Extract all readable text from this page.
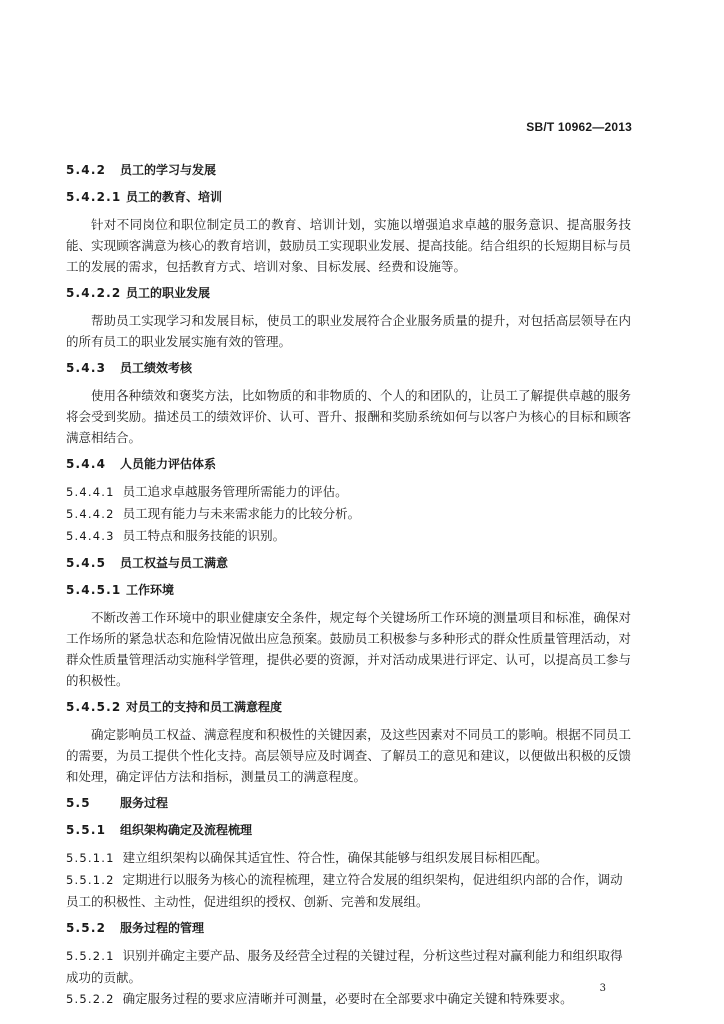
SB/T 10962—2013

5.4.2 员工的学习与发展

5.4.2.1 员工的教育、培训

针对不同岗位和职位制定员工的教育、培训计划，实施以增强追求卓越的服务意识、提高服务技能、实现顾客满意为核心的教育培训，鼓励员工实现职业发展、提高技能。结合组织的长短期目标与员工的发展的需求，包括教育方式、培训对象、目标发展、经费和设施等。

5.4.2.2 员工的职业发展

帮助员工实现学习和发展目标，使员工的职业发展符合企业服务质量的提升，对包括高层领导在内的所有员工的职业发展实施有效的管理。

5.4.3 员工绩效考核

使用各种绩效和褒奖方法，比如物质的和非物质的、个人的和团队的，让员工了解提供卓越的服务将会受到奖励。描述员工的绩效评价、认可、晋升、报酬和奖励系统如何与以客户为核心的目标和顾客满意相结合。

5.4.4 人员能力评估体系

5.4.4.1 员工追求卓越服务管理所需能力的评估。

5.4.4.2 员工现有能力与未来需求能力的比较分析。

5.4.4.3 员工特点和服务技能的识别。

5.4.5 员工权益与员工满意

5.4.5.1 工作环境

不断改善工作环境中的职业健康安全条件，规定每个关键场所工作环境的测量项目和标准，确保对工作场所的紧急状态和危险情况做出应急预案。鼓励员工积极参与多种形式的群众性质量管理活动，对群众性质量管理活动实施科学管理，提供必要的资源，并对活动成果进行评定、认可，以提高员工参与的积极性。

5.4.5.2 对员工的支持和员工满意程度

确定影响员工权益、满意程度和积极性的关键因素，及这些因素对不同员工的影响。根据不同员工的需要，为员工提供个性化支持。高层领导应及时调查、了解员工的意见和建议，以便做出积极的反馈和处理，确定评估方法和指标，测量员工的满意程度。

5.5 服务过程

5.5.1 组织架构确定及流程梳理

5.5.1.1 建立组织架构以确保其适宜性、符合性，确保其能够与组织发展目标相匹配。

5.5.1.2 定期进行以服务为核心的流程梳理，建立符合发展的组织架构，促进组织内部的合作，调动员工的积极性、主动性，促进组织的授权、创新、完善和发展组。

5.5.2 服务过程的管理

5.5.2.1 识别并确定主要产品、服务及经营全过程的关键过程，分析这些过程对赢利能力和组织取得成功的贡献。

5.5.2.2 确定服务过程的要求应清晰并可测量，必要时在全部要求中确定关键和特殊要求。

3
